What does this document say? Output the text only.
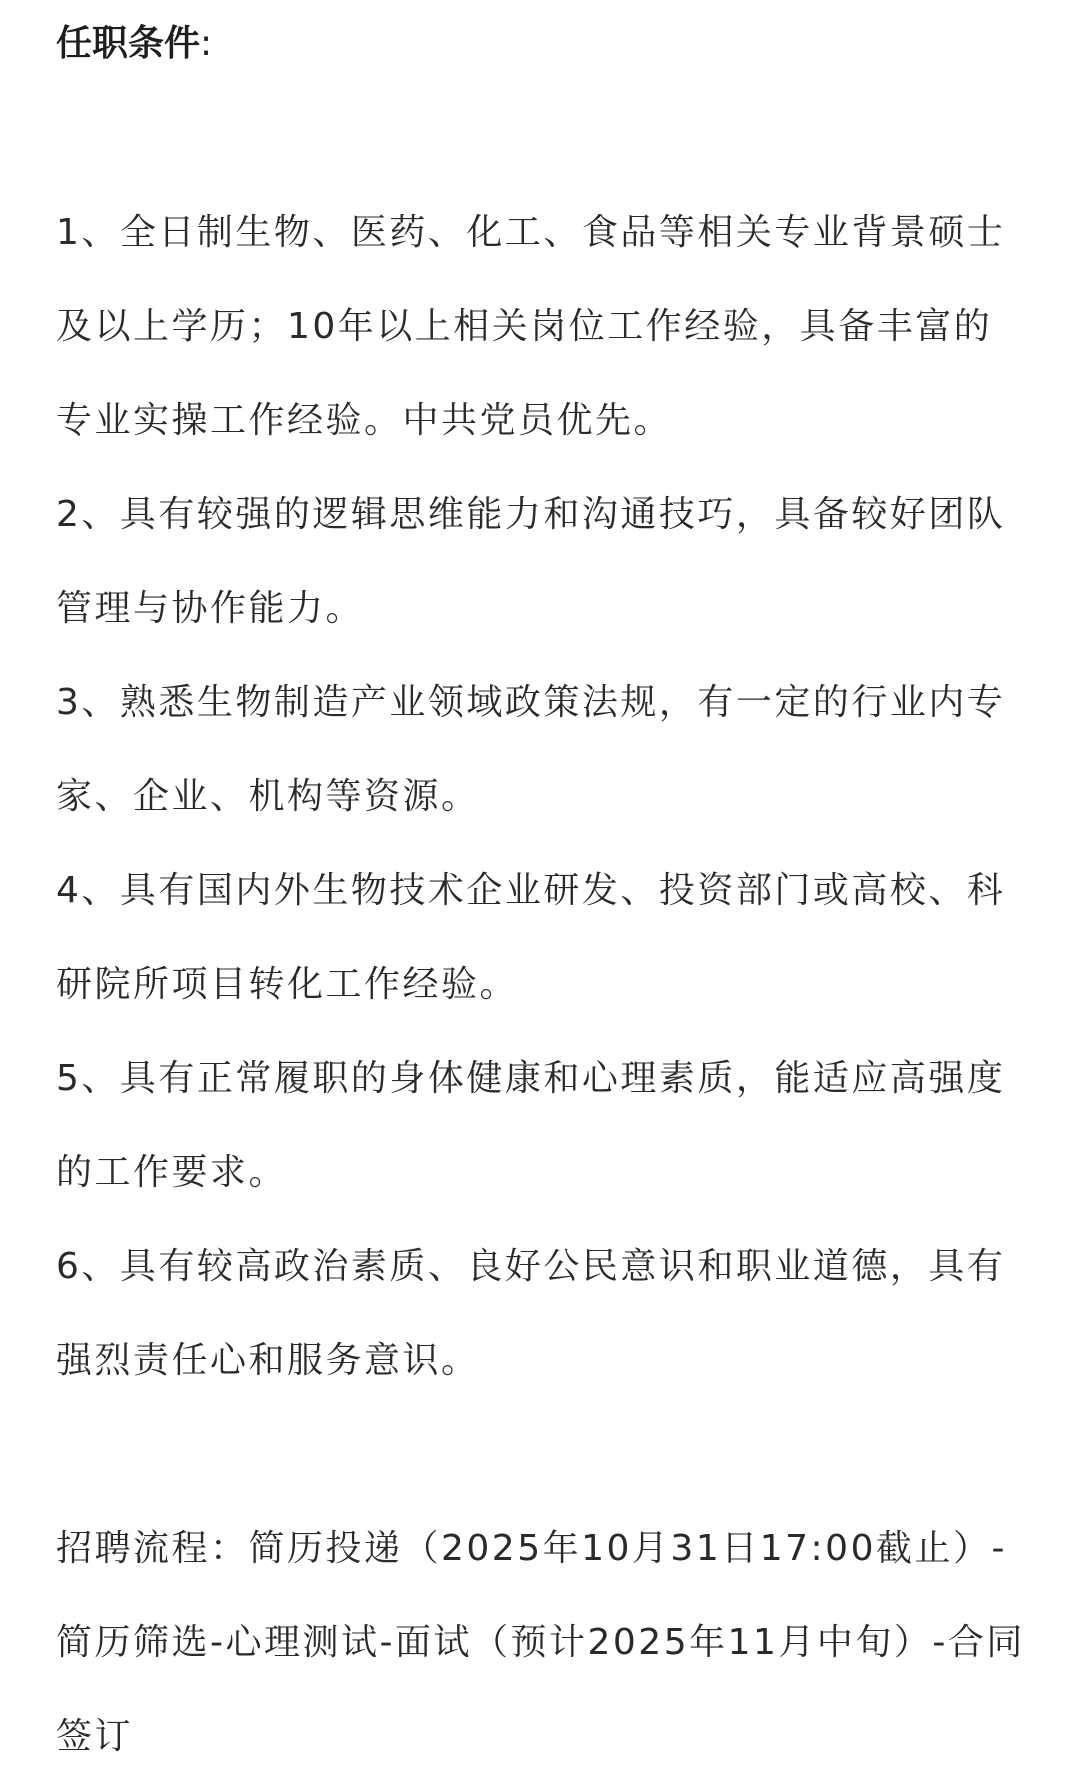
任职条件:
1、全日制生物、医药、化工、食品等相关专业背景硕士及以上学历；10年以上相关岗位工作经验，具备丰富的专业实操工作经验。中共党员优先。
2、具有较强的逻辑思维能力和沟通技巧，具备较好团队管理与协作能力。
3、熟悉生物制造产业领域政策法规，有一定的行业内专家、企业、机构等资源。
4、具有国内外生物技术企业研发、投资部门或高校、科研院所项目转化工作经验。
5、具有正常履职的身体健康和心理素质，能适应高强度的工作要求。
6、具有较高政治素质、良好公民意识和职业道德，具有强烈责任心和服务意识。

招聘流程：简历投递（2025年10月31日17:00截止）-简历筛选-心理测试-面试（预计2025年11月中旬）-合同签订
